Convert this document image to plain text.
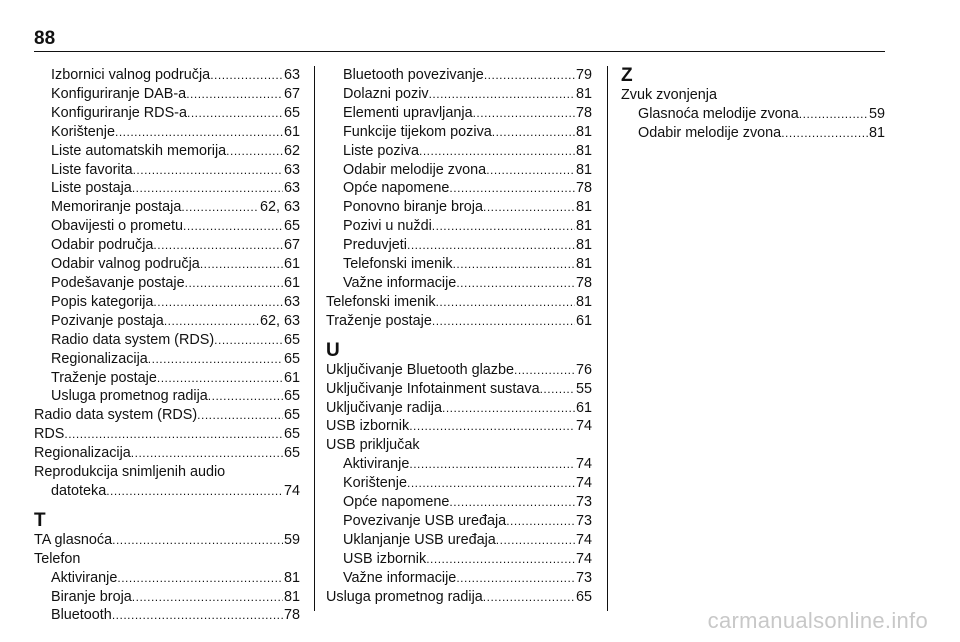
88
Izbornici valnog područja .....	63
Konfiguriranje DAB-a .....	67
Konfiguriranje RDS-a .....	65
Korištenje .....	61
Liste automatskih memorija .....	62
Liste favorita .....	63
Liste postaja .....	63
Memoriranje postaja .....	62, 63
Obavijesti o prometu .....	65
Odabir područja .....	67
Odabir valnog područja .....	61
Podešavanje postaje .....	61
Popis kategorija .....	63
Pozivanje postaja .....	62, 63
Radio data system (RDS) .....	65
Regionalizacija .....	65
Traženje postaje .....	61
Usluga prometnog radija .....	65
Radio data system (RDS) .....	65
RDS .....	65
Regionalizacija .....	65
Reprodukcija snimljenih audio
datoteka .....	74
T
TA glasnoća .....	59
Telefon
Aktiviranje .....	81
Biranje broja .....	81
Bluetooth .....	78
Bluetooth povezivanje .....	79
Dolazni poziv .....	81
Elementi upravljanja .....	78
Funkcije tijekom poziva .....	81
Liste poziva .....	81
Odabir melodije zvona .....	81
Opće napomene .....	78
Ponovno biranje broja .....	81
Pozivi u nuždi .....	81
Preduvjeti .....	81
Telefonski imenik .....	81
Važne informacije .....	78
Telefonski imenik .....	81
Traženje postaje .....	61
U
Uključivanje Bluetooth glazbe .....	76
Uključivanje Infotainment sustava .....	55
Uključivanje radija .....	61
USB izbornik .....	74
USB priključak
Aktiviranje .....	74
Korištenje .....	74
Opće napomene .....	73
Povezivanje USB uređaja .....	73
Uklanjanje USB uređaja .....	74
USB izbornik .....	74
Važne informacije .....	73
Usluga prometnog radija .....	65
Z
Zvuk zvonjenja
Glasnoća melodije zvona .....	59
Odabir melodije zvona .....	81
carmanualsonline.info
